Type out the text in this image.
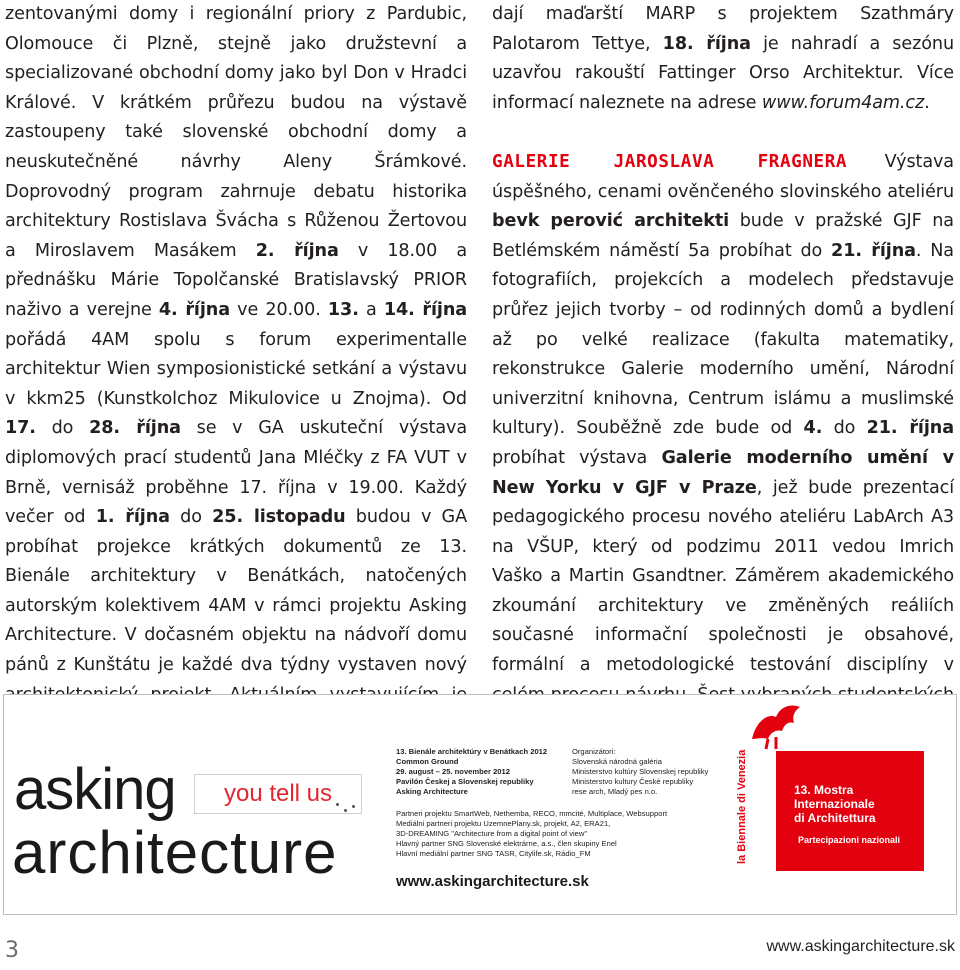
zentovanými domy i regionální priory z Pardubic, Olomouce či Plzně, stejně jako družstevní a specializované obchodní domy jako byl Don v Hradci Králové. V krátkém průřezu budou na výstavě zastoupeny také slovenské obchodní domy a neuskutečněné návrhy Aleny Šrámkové. Doprovodný program zahrnuje debatu historika architektury Rostislava Švácha s Růženou Žertovou a Miroslavem Masákem 2. října v 18.00 a přednášku Márie Topolčanské Bratislavský PRIOR naživo a verejne 4. října ve 20.00. 13. a 14. října pořádá 4AM spolu s forum experimentalle architektur Wien symposionistické setkání a výstavu v kkm25 (Kunstkolchoz Mikulovice u Znojma). Od 17. do 28. října se v GA uskuteční výstava diplomových prací studentů Jana Mléčky z FA VUT v Brně, vernisáž proběhne 17. října v 19.00. Každý večer od 1. října do 25. listopadu budou v GA probíhat projekce krátkých dokumentů ze 13. Bienále architektury v Benátkách, natočených autorským kolektivem 4AM v rámci projektu Asking Architecture. V dočasném objektu na nádvoří domu pánů z Kunštátu je každé dva týdny vystaven nový

dají maďarští MARP s projektem Szathmáry Palotarom Tettye, 18. října je nahradí a sezónu uzavřou rakouští Fattinger Orso Architektur. Více informací naleznete na adrese www.forum4am.cz.

GALERIE JAROSLAVA FRAGNERA Výstava úspěšného, cenami ověnčeného slovinského ateliéru bevk perović architekti bude v pražské GJF na Betlémském náměstí 5a probíhat do 21. října. Na fotografiích, projekcích a modelech představuje průřez jejich tvorby – od rodinných domů a bydlení až po velké realizace (fakulta matematiky, rekonstrukce Galerie moderního umění, Národní univerzitní knihovna, Centrum islámu a muslimské kultury). Souběžně zde bude od 4. do 21. října probíhat výstava Galerie moderního umění v New Yorku v GJF v Praze, jež bude prezentací pedagogického procesu nového ateliéru LabArch A3 na VŠUP, který od podzimu 2011 vedou Imrich Vaško a Martin Gsandtner. Záměrem akademického zkoumání architektury ve změněných reáliích současné informační společnosti je obsahové, formální a metodologické testování disciplíny v

asking
architecture
you tell us
13. Bienále architektúry v Benátkach 2012
Common Ground
29. august – 25. november 2012
Pavilón Českej a Slovenskej republiky
Asking Architecture
Organizátori:
Slovenská národná galéria
Ministerstvo kultúry Slovenskej republiky
Ministerstvo kultury České republiky
rese arch, Mladý pes n.o.
Partneri projektu SmartWeb, Nethemba, RECO, mmcité, Multiplace, Websupport
Mediálni partneri projektu UzemnePlany.sk, projekt, A2, ERA21,
3D-DREAMING "Architecture from a digital point of view"
Hlavný partner SNG Slovenské elektrárne, a.s., člen skupiny Enel
Hlavní mediální partner SNG TASR, Citylife.sk, Rádio_FM
www.askingarchitecture.sk
la Biennale di Venezia	13. Mostra
Internazionale
di Architettura
Partecipazioni nazionali
3	www.askingarchitecture.sk
